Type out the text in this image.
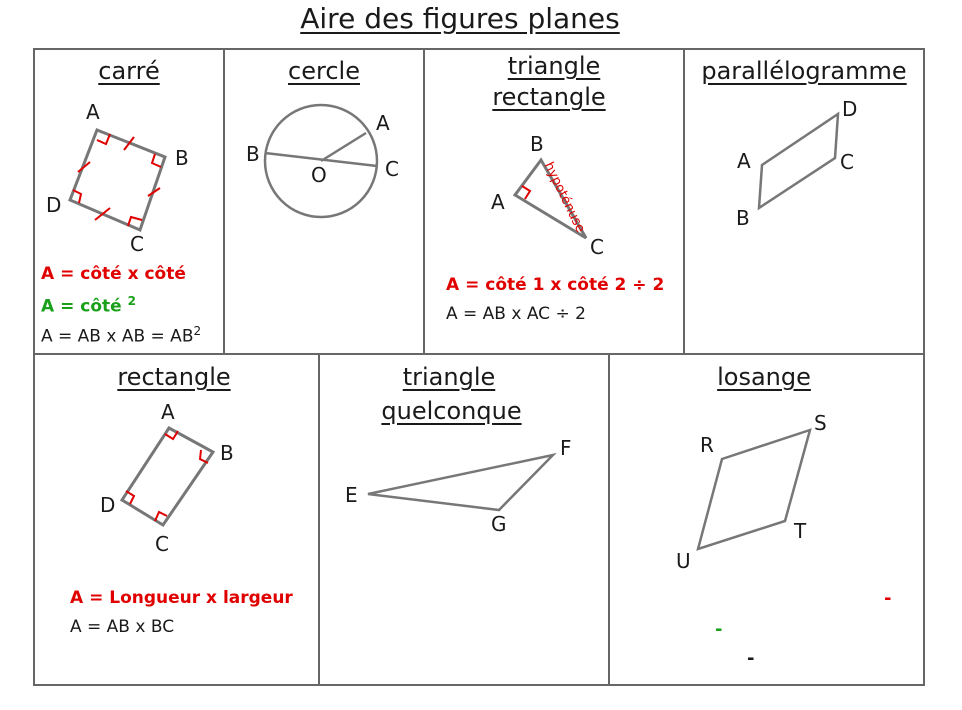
Aire des figures planes
carré	cercle	triangle
rectangle
parallélogramme
rectangle	triangle
quelconque
losange
A
B
C
D
A = côté x côté
A = côté $^2$
A = AB x AB = $AB^2$
A
B
C
O
B
A
C
hypoténuse
A = côté 1 x côté 2 ÷ 2
A = AB x AC ÷ 2
D
A	C
B
A
B
D
C
A = Longueur x largeur
A = AB x BC
F
E
G
S
R
T
U
-
-
-
